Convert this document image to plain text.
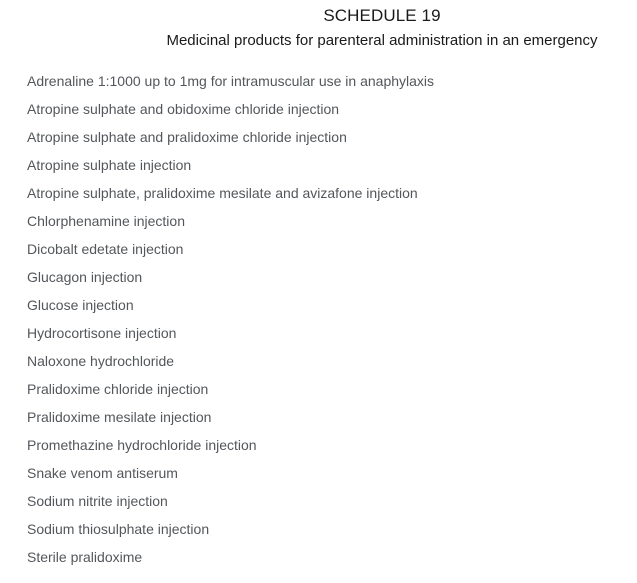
SCHEDULE 19
Medicinal products for parenteral administration in an emergency
Adrenaline 1:1000 up to 1mg for intramuscular use in anaphylaxis
Atropine sulphate and obidoxime chloride injection
Atropine sulphate and pralidoxime chloride injection
Atropine sulphate injection
Atropine sulphate, pralidoxime mesilate and avizafone injection
Chlorphenamine injection
Dicobalt edetate injection
Glucagon injection
Glucose injection
Hydrocortisone injection
Naloxone hydrochloride
Pralidoxime chloride injection
Pralidoxime mesilate injection
Promethazine hydrochloride injection
Snake venom antiserum
Sodium nitrite injection
Sodium thiosulphate injection
Sterile pralidoxime
